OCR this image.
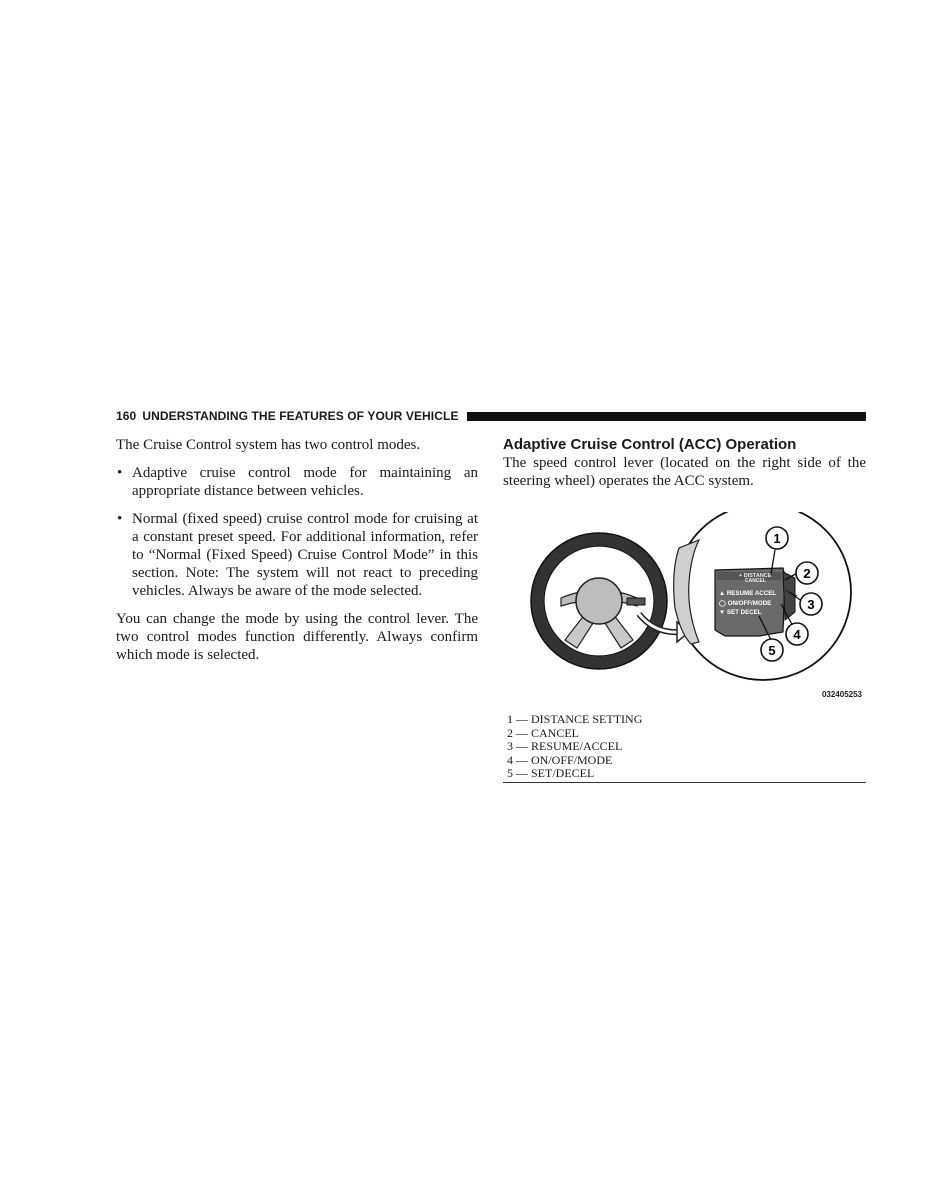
160 UNDERSTANDING THE FEATURES OF YOUR VEHICLE

The Cruise Control system has two control modes.

• Adaptive cruise control mode for maintaining an appropriate distance between vehicles.
• Normal (fixed speed) cruise control mode for cruising at a constant preset speed. For additional information, refer to “Normal (Fixed Speed) Cruise Control Mode” in this section. Note: The system will not react to preceding vehicles. Always be aware of the mode selected.

You can change the mode by using the control lever. The two control modes function differently. Always confirm which mode is selected.

Adaptive Cruise Control (ACC) Operation

The speed control lever (located on the right side of the steering wheel) operates the ACC system.

+ DISTANCE
CANCEL
▲ RESUME ACCEL
◯ ON/OFF/MODE
▼ SET DECEL
1
2
3
4
5
032405253
1 — DISTANCE SETTING
2 — CANCEL
3 — RESUME/ACCEL
4 — ON/OFF/MODE
5 — SET/DECEL
